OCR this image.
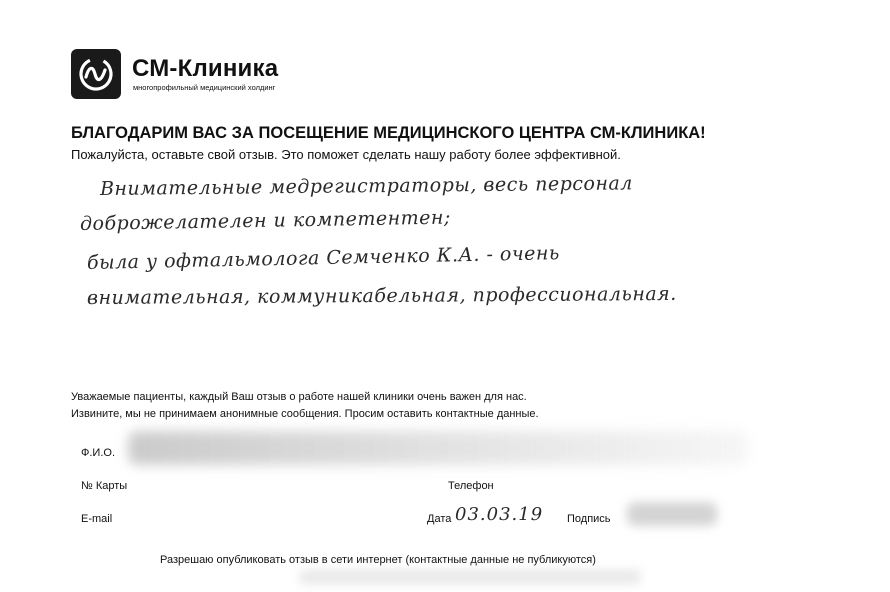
СМ-Клиника
многопрофильный медицинский холдинг
БЛАГОДАРИМ ВАС ЗА ПОСЕЩЕНИЕ МЕДИЦИНСКОГО ЦЕНТРА СМ-КЛИНИКА!
Пожалуйста, оставьте свой отзыв. Это поможет сделать нашу работу более эффективной.
Внимательные медрегистраторы, весь персонал
доброжелателен и компетентен;
была у офтальмолога Семченко К.А. - очень
внимательная, коммуникабельная, профессиональная.
Уважаемые пациенты, каждый Ваш отзыв о работе нашей клиники очень важен для нас.
Извините, мы не принимаем анонимные сообщения. Просим оставить контактные данные.
Ф.И.О.
№ Карты	Телефон
E-mail	Дата 03.03.19 Подпись
Разрешаю опубликовать отзыв в сети интернет (контактные данные не публикуются)
